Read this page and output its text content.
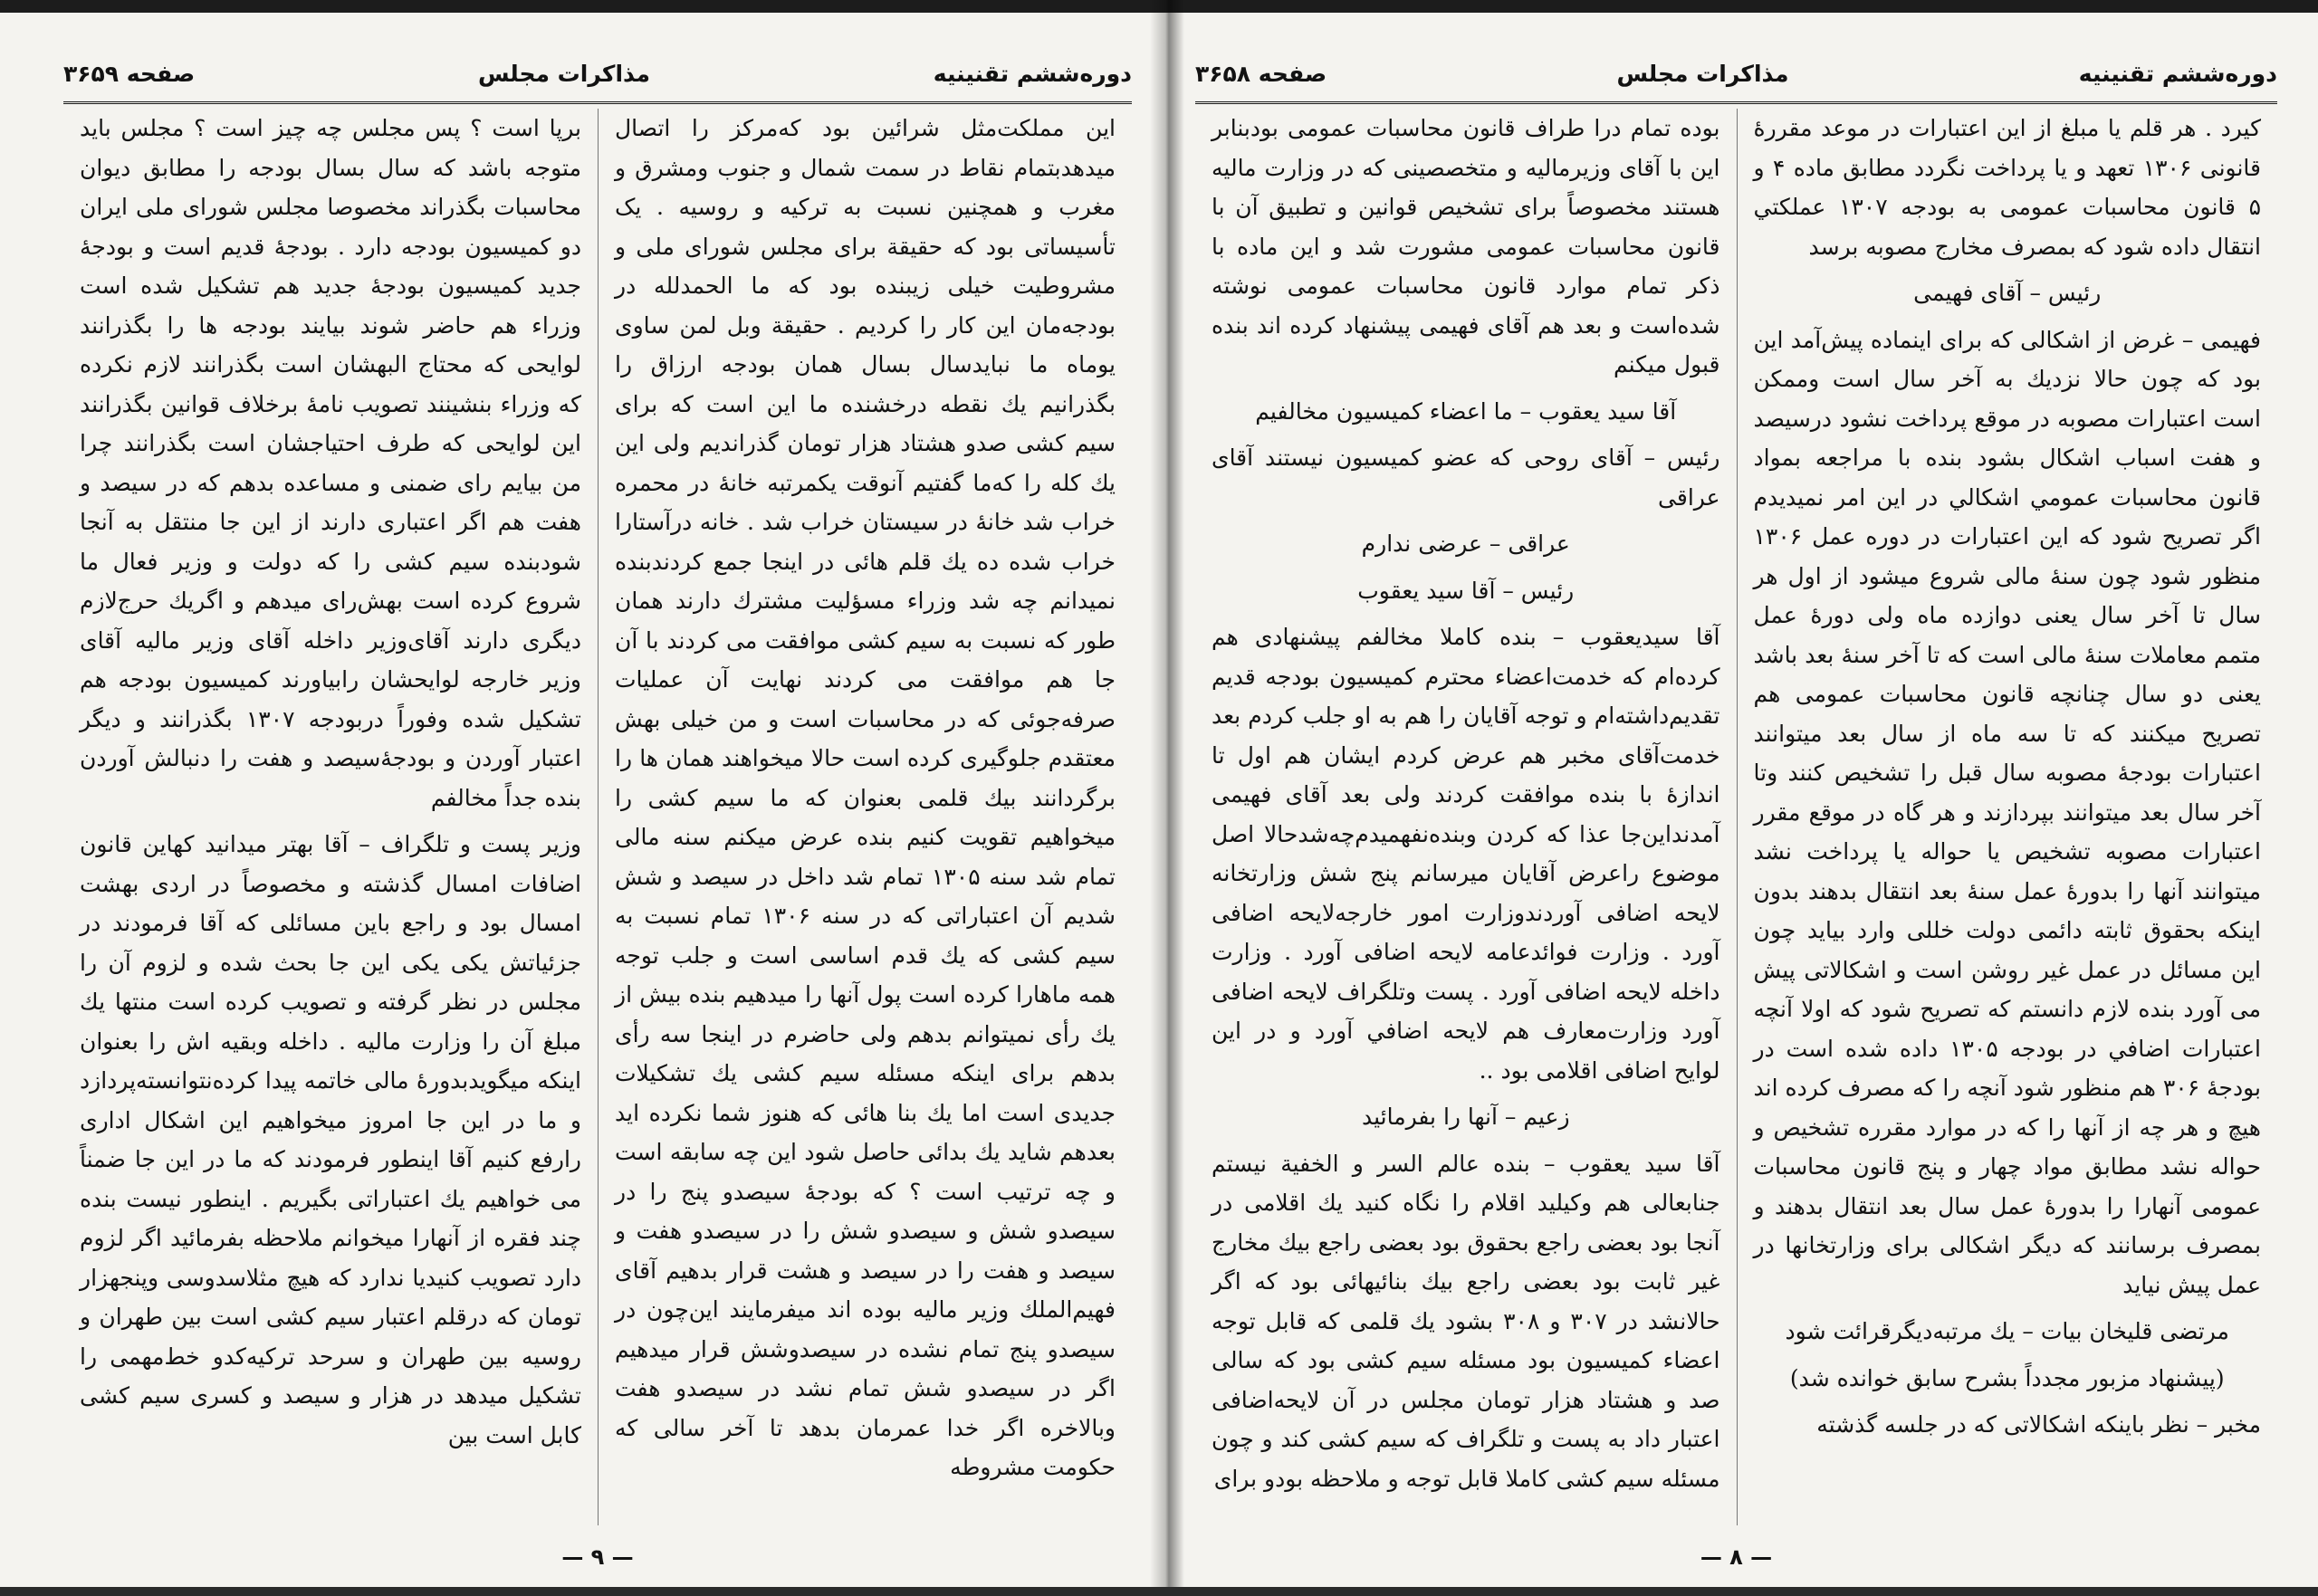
دوره‌ششم تقنینیه
مذاکرات مجلس
صفحه ۳۶۵۹

این مملکت‌مثل شرائین بود که‌مرکز را اتصال میدهد‌بتمام نقاط در سمت شمال و جنوب ومشرق و مغرب و همچنین نسبت به ترکیه و روسیه . یک تأسیساتی بود که حقیقة برای مجلس شورای ملی و مشروطیت خیلی زیبنده بود که ما الحمدلله در بودجه‌مان این کار را کردیم . حقیقة وبل لمن ساوی یوماه ما نبایدسال بسال همان بودجه ارزاق را بگذرانیم یك نقطه درخشنده ما این است که برای سیم کشی صدو هشتاد هزار تومان گذراندیم ولی این یك کله را که‌ما گفتیم آنوقت یکمرتبه خانهٔ در محمره خراب شد خانهٔ در سیستان خراب شد . خانه درآستارا خراب شده ده یك قلم هائی در اینجا جمع کردند‌بنده نمیدانم چه شد وزراء مسؤلیت مشترك دارند همان طور که نسبت به سیم کشی موافقت می کردند با آن جا هم موافقت می کردند نهایت آن عملیات صرفه‌جوئی که در محاسبات است و من خیلی بهش معتقدم جلوگیری کرده است حالا میخواهند همان ها را برگردانند بیك قلمی بعنوان که ما سیم کشی را میخواهیم تقویت کنیم بنده عرض میکنم سنه مالی تمام شد سنه ۱۳۰۵ تمام شد داخل در سیصد و شش شدیم آن اعتباراتی که در سنه ۱۳۰۶ تمام نسبت به سیم کشی که یك قدم اساسی است و جلب توجه همه ماهارا کرده است پول آنها را میدهیم بنده بیش از یك رأی نمیتوانم بدهم ولی حاضرم در اینجا سه رأی بدهم برای اینکه مسئله سیم کشی یك تشکیلات جدیدی است اما یك بنا هائی که هنوز شما نکرده اید بعدهم شاید یك بدائی حاصل شود این چه سابقه است و چه ترتیب است ؟ که بودجهٔ سیصدو پنج را در سیصدو شش و سیصدو شش را در سیصدو هفت و سیصد و هفت را در سیصد و هشت قرار بدهیم آقای فهیم‌الملك وزیر مالیه بوده اند میفرمایند این‌چون در سیصدو پنج تمام نشده در سیصدوشش قرار میدهیم اگر در سیصدو شش تمام نشد در سیصدو هفت وبالاخره اگر خدا عمرمان بدهد تا آخر سالی که حکومت مشروطه

برپا است ؟ پس مجلس چه چیز است ؟ مجلس باید متوجه باشد که سال بسال بودجه را مطابق دیوان محاسبات بگذراند مخصوصا مجلس شورای ملی ایران دو کمیسیون بودجه دارد . بودجهٔ قدیم است و بودجهٔ جدید کمیسیون بودجهٔ جدید هم تشکیل شده است وزراء هم حاضر شوند بیایند بودجه ها را بگذرانند لوایحی که محتاج البهشان است بگذرانند لازم نکرده که وزراء بنشینند تصویب نامهٔ برخلاف قوانین بگذرانند این لوایحی که طرف احتیاجشان است بگذرانند چرا من بیایم رای ضمنی و مساعده بدهم که در سیصد و هفت هم اگر اعتباری دارند از این جا منتقل به آنجا شود‌بنده سیم کشی را که دولت و وزیر فعال ما شروع کرده است بهش‌رای میدهم و اگریك حرج‌لازم دیگری دارند آقای‌وزیر داخله آقای وزیر مالیه آقای وزیر خارجه لوایحشان رابیاورند کمیسیون بودجه هم تشکیل شده وفوراً دربودجه ۱۳۰۷ بگذرانند و دیگر اعتبار آوردن و بودجهٔ‌سیصد و هفت را دنبالش آوردن بنده جداً مخالفم

وزیر پست و تلگراف – آقا بهتر میدانید کهاین قانون اضافات امسال گذشته و مخصوصاً در اردی بهشت امسال بود و راجع باین مسائلی که آقا فرمودند در جزئیاتش یکی یکی این جا بحث شده و لزوم آن را مجلس در نظر گرفته و تصویب کرده است منتها یك مبلغ آن را وزارت مالیه . داخله وبقیه اش را بعنوان اینکه میگوید‌بدورهٔ مالی خاتمه پیدا کرده‌نتوانسته‌پردازد و ما در این جا امروز میخواهیم این اشکال اداری رارفع کنیم آقا اینطور فرمودند که ما در این جا ضمناً می خواهیم یك اعتباراتی بگیریم . اینطور نیست بنده چند فقره از آنهارا میخوانم ملاحظه بفرمائید اگر لزوم دارد تصویب کنید‌یا ندارد که هیچ مثلاسدوسی وپنجهزار تومان که درقلم اعتبار سیم کشی است بین طهران و روسیه بین طهران و سرحد ترکیه‌کدو خط‌مهمی را تشکیل میدهد در هزار و سیصد و کسری سیم کشی کابل است بین

— ۹ —
دوره‌ششم تقنینیه
مذاکرات مجلس
صفحه ۳۶۵۸

کیرد . هر قلم یا مبلغ از این اعتبارات در موعد مقررهٔ قانونی ۱۳۰۶ تعهد و یا پرداخت نگردد مطابق ماده ۴ و ۵ قانون محاسبات عمومی به بودجه ۱۳۰۷ عملکتي انتقال داده شود که بمصرف مخارج مصوبه برسد

رئیس – آقای فهیمی

فهیمی – غرض از اشکالی که برای اینماده پیش‌آمد این بود که چون حالا نزدیك به آخر سال است وممکن است اعتبارات مصوبه در موقع پرداخت نشود درسیصد و هفت اسباب اشکال بشود بنده با مراجعه بمواد قانون محاسبات عمومي اشکالي در این امر نمیدیدم اگر تصریح شود که این اعتبارات در دوره عمل ۱۳۰۶ منظور شود چون سنهٔ مالی شروع میشود از اول هر سال تا آخر سال یعنی دوازده ماه ولی دورهٔ عمل متمم معاملات سنهٔ مالی است که تا آخر سنهٔ بعد باشد یعنی دو سال چنانچه قانون محاسبات عمومی هم تصریح میکنند که تا سه ماه از سال بعد میتوانند اعتبارات بودجهٔ مصوبه سال قبل را تشخیص کنند وتا آخر سال بعد میتوانند بپردازند و هر گاه در موقع مقرر اعتبارات مصوبه تشخیص یا حواله یا پرداخت نشد میتوانند آنها را بدورهٔ عمل سنهٔ بعد انتقال بدهند بدون اینکه بحقوق ثابته دائمی دولت خللی وارد بیاید چون این مسائل در عمل غیر روشن است و اشکالاتی پیش می آورد بنده لازم دانستم که تصریح شود که اولا آنچه اعتبارات اضافي در بودجه ۱۳۰۵ داده شده است در بودجهٔ ۳۰۶ هم منظور شود آنچه را که مصرف کرده اند هیچ و هر چه از آنها را که در موارد مقرره تشخیص و حواله نشد مطابق مواد چهار و پنج قانون محاسبات عمومی آنهارا را بدورهٔ عمل سال بعد انتقال بدهند و بمصرف برسانند که دیگر اشکالی برای وزارتخانها در عمل پیش نیاید

مرتضی قلیخان بیات – یك مرتبه‌دیگرقرائت شود

(پیشنهاد مزبور مجدداً بشرح سابق خوانده شد)

مخبر – نظر باینکه اشکالاتی که در جلسه گذشته

بوده تمام درا طراف قانون محاسبات عمومی بود‌بنابر این با آقای وزیرمالیه و متخصصینی که در وزارت مالیه هستند مخصوصاً برای تشخیص قوانین و تطبیق آن با قانون محاسبات عمومی مشورت شد و این ماده با ذکر تمام موارد قانون محاسبات عمومی نوشته شده‌است و بعد هم آقای فهیمی پیشنهاد کرده اند بنده قبول میکنم

آقا سید یعقوب – ما اعضاء کمیسیون مخالفیم

رئیس – آقای روحی که عضو کمیسیون نیستند آقای عراقی

عراقی – عرضی ندارم

رئیس – آقا سید یعقوب

آقا سید‌یعقوب – بنده کاملا مخالفم پیشنهادی هم کرده‌ام که خدمت‌اعضاء محترم کمیسیون بودجه قدیم تقدیم‌داشته‌ام و توجه آقایان را هم به او جلب کردم بعد خدمت‌آقای مخبر هم عرض کردم ایشان هم اول تا اندازهٔ با بنده موافقت کردند ولی بعد آقای فهیمی آمدند‌این‌جا عذا که کردن و‌بنده‌نفهمیدم‌چه‌شد‌حالا اصل موضوع راعرض آقایان میرسانم پنج شش وزارتخانه لایحه اضافی آوردندوزارت امور خارجه‌لایحه اضافی آورد . وزارت فوائد‌عامه لایحه اضافی آورد . وزارت داخله لایحه اضافی آورد . پست وتلگراف لایحه اضافی آورد وزارت‌معارف هم لایحه اضافي آورد و در این لوایح اضافی اقلامی بود ..

زعیم – آنها را بفرمائید

آقا سید یعقوب – بنده عالم السر و الخفیة نیستم جنابعالی هم وکیلید اقلام را نگاه کنید یك اقلامی در آنجا بود بعضی راجع بحقوق بود بعضی راجع بیك مخارج غیر ثابت بود بعضی راجع بیك بنائیهائی بود که اگر حالا‌نشد در ۳۰۷ و ۳۰۸ بشود یك قلمی که قابل توجه اعضاء کمیسیون بود مسئله سیم کشی بود که سالی صد و هشتاد هزار تومان مجلس در آن لایحه‌اضافی اعتبار داد به پست و تلگراف که سیم کشی کند و چون مسئله سیم کشی کاملا قابل توجه و ملاحظه بودو برای

— ۸ —
